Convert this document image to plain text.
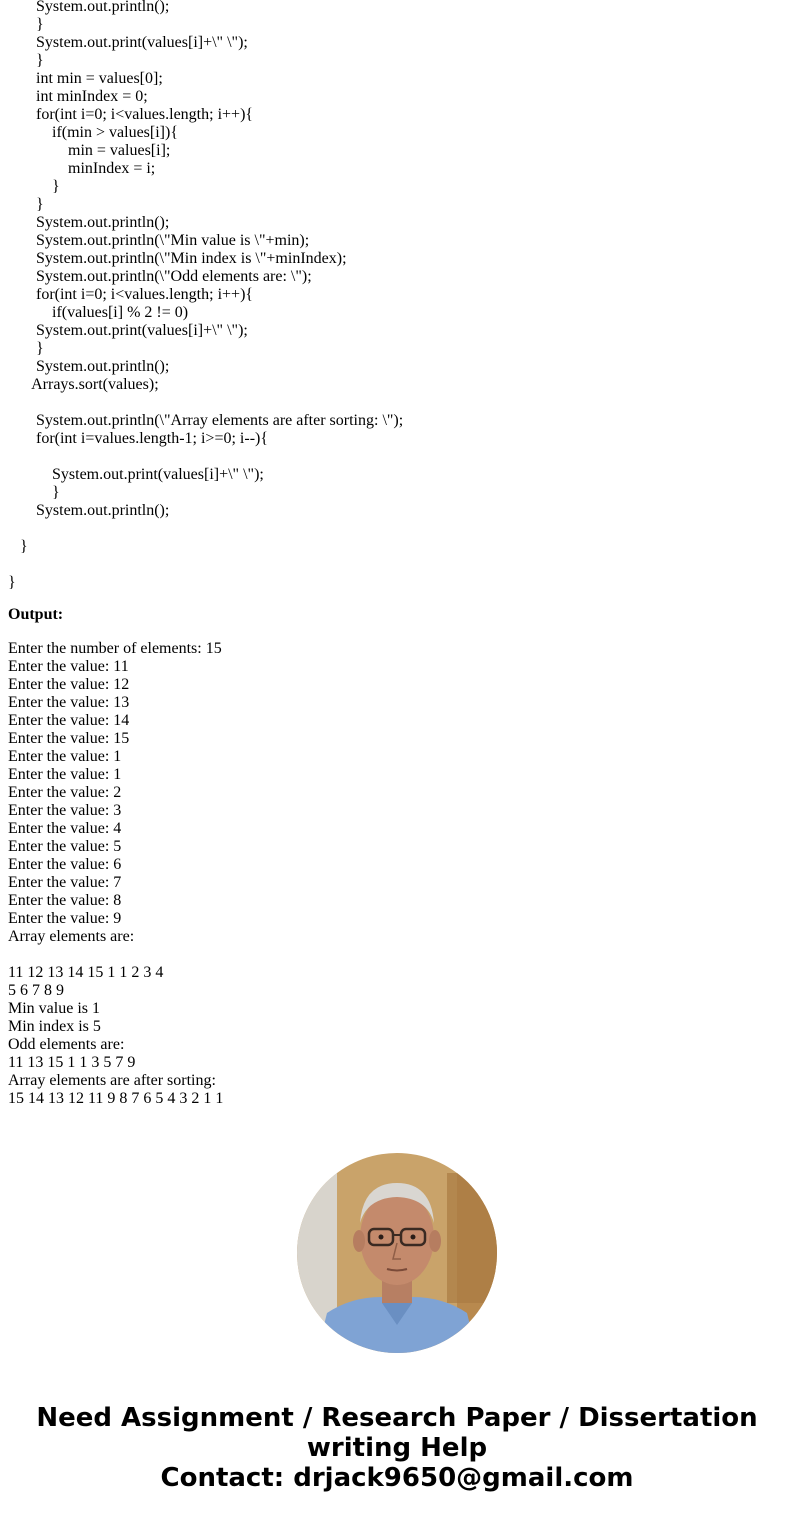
System.out.println();
}
System.out.print(values[i]+\" \");
}
int min = values[0];
int minIndex = 0;
for(int i=0; i<values.length; i++){
if(min > values[i]){
min = values[i];
minIndex = i;
}
}
System.out.println();
System.out.println(\"Min value is \"+min);
System.out.println(\"Min index is \"+minIndex);
System.out.println(\"Odd elements are: \");
for(int i=0; i<values.length; i++){
if(values[i] % 2 != 0)
System.out.print(values[i]+\" \");
}
System.out.println();
Arrays.sort(values);
System.out.println(\"Array elements are after sorting: \");
for(int i=values.length-1; i>=0; i--){
System.out.print(values[i]+\" \");
}
System.out.println();
}
}
Output:
Enter the number of elements: 15
Enter the value: 11
Enter the value: 12
Enter the value: 13
Enter the value: 14
Enter the value: 15
Enter the value: 1
Enter the value: 1
Enter the value: 2
Enter the value: 3
Enter the value: 4
Enter the value: 5
Enter the value: 6
Enter the value: 7
Enter the value: 8
Enter the value: 9
Array elements are:
11 12 13 14 15 1 1 2 3 4
5 6 7 8 9
Min value is 1
Min index is 5
Odd elements are:
11 13 15 1 1 3 5 7 9
Array elements are after sorting:
15 14 13 12 11 9 8 7 6 5 4 3 2 1 1
Need Assignment / Research Paper / Dissertation
writing Help
Contact: drjack9650@gmail.com
